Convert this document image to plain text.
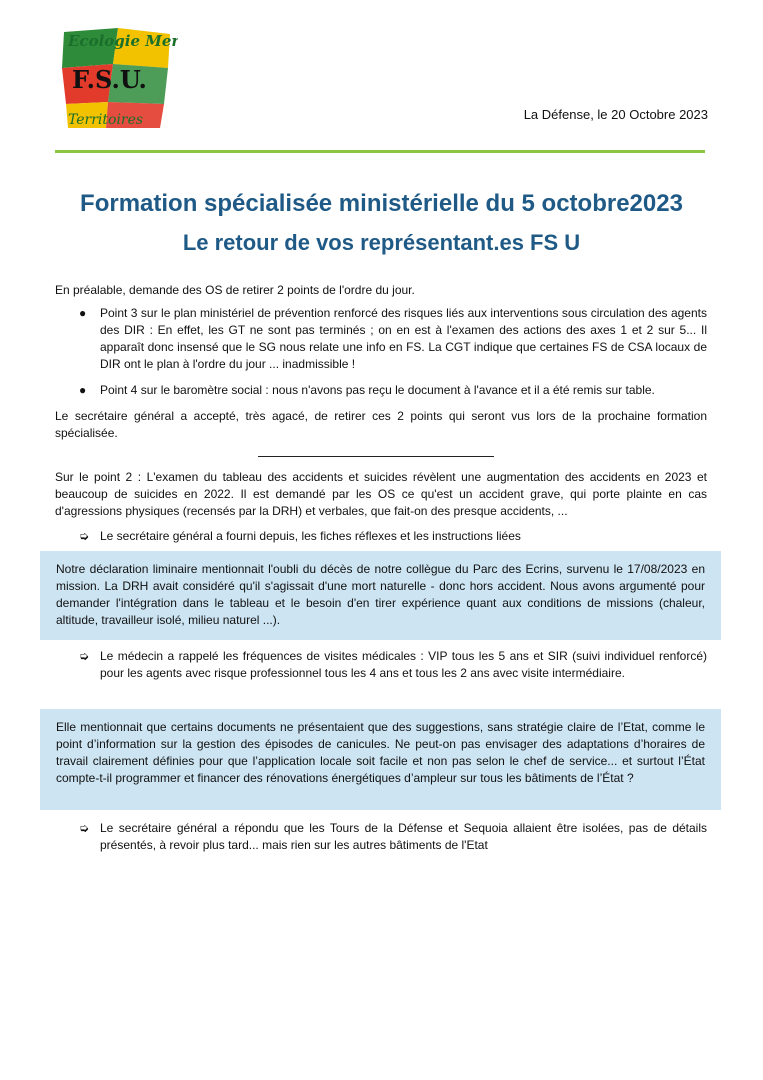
Ecologie Mer
F.S.U.
Territoires	La Défense, le 20 Octobre 2023
Formation spécialisée ministérielle du 5 octobre2023
Le retour de vos représentant.es FS U
En préalable, demande des OS de retirer 2 points de l'ordre du jour.
● Point 3 sur le plan ministériel de prévention renforcé des risques liés aux interventions sous circulation des agents des DIR : En effet, les GT ne sont pas terminés ; on en est à l'examen des actions des axes 1 et 2 sur 5... Il apparaît donc insensé que le SG nous relate une info en FS. La CGT indique que certaines FS de CSA locaux de DIR ont le plan à l'ordre du jour ... inadmissible !
● Point 4 sur le baromètre social : nous n'avons pas reçu le document à l'avance et il a été remis sur table.
Le secrétaire général a accepté, très agacé, de retirer ces 2 points qui seront vus lors de la prochaine formation spécialisée.
Sur le point 2 : L'examen du tableau des accidents et suicides révèlent une augmentation des accidents en 2023 et beaucoup de suicides en 2022. Il est demandé par les OS ce qu'est un accident grave, qui porte plainte en cas d'agressions physiques (recensés par la DRH) et verbales, que fait-on des presque accidents, ...
➭ Le secrétaire général a fourni depuis, les fiches réflexes et les instructions liées
Notre déclaration liminaire mentionnait l'oubli du décès de notre collègue du Parc des Ecrins, survenu le 17/08/2023 en mission. La DRH avait considéré qu'il s'agissait d'une mort naturelle - donc hors accident. Nous avons argumenté pour demander l'intégration dans le tableau et le besoin d'en tirer expérience quant aux conditions de missions (chaleur, altitude, travailleur isolé, milieu naturel ...).
➭ Le médecin a rappelé les fréquences de visites médicales : VIP tous les 5 ans et SIR (suivi individuel renforcé) pour les agents avec risque professionnel tous les 4 ans et tous les 2 ans avec visite intermédiaire.
Elle mentionnait que certains documents ne présentaient que des suggestions, sans stratégie claire de l’Etat, comme le point d’information sur la gestion des épisodes de canicules. Ne peut-on pas envisager des adaptations d’horaires de travail clairement définies pour que l’application locale soit facile et non pas selon le chef de service... et surtout l’État compte-t-il programmer et financer des rénovations énergétiques d’ampleur sur tous les bâtiments de l’État ?
➭ Le secrétaire général a répondu que les Tours de la Défense et Sequoia allaient être isolées, pas de détails présentés, à revoir plus tard... mais rien sur les autres bâtiments de l'Etat
